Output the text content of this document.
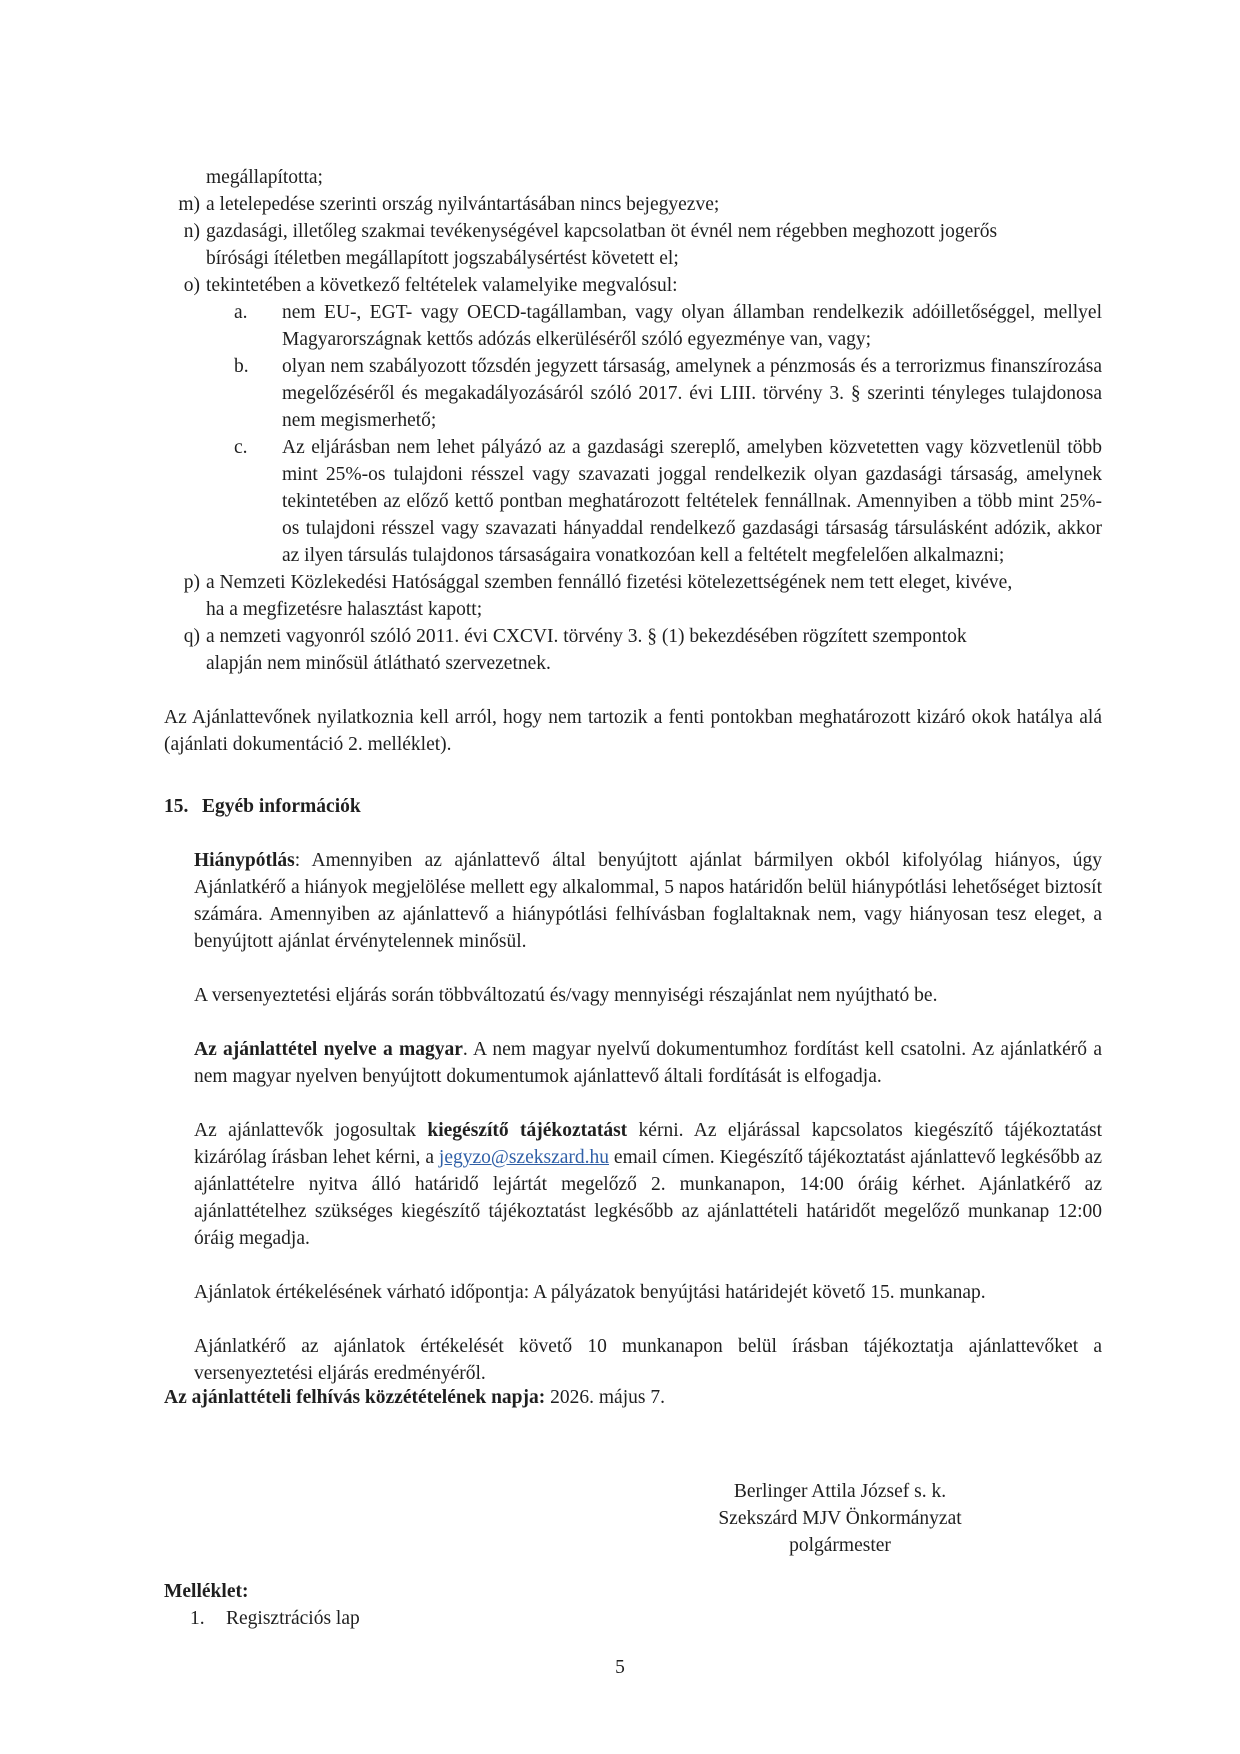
megállapította;
m) a letelepedése szerinti ország nyilvántartásában nincs bejegyezve;
n) gazdasági, illetőleg szakmai tevékenységével kapcsolatban öt évnél nem régebben meghozott jogerős
bírósági ítéletben megállapított jogszabálysértést követett el;
o) tekintetében a következő feltételek valamelyike megvalósul:
a.	nem EU-, EGT- vagy OECD-tagállamban, vagy olyan államban rendelkezik adóilletőséggel, mellyel Magyarországnak kettős adózás elkerüléséről szóló egyezménye van, vagy;
b.	olyan nem szabályozott tőzsdén jegyzett társaság, amelynek a pénzmosás és a terrorizmus finanszírozása megelőzéséről és megakadályozásáról szóló 2017. évi LIII. törvény 3. § szerinti tényleges tulajdonosa nem megismerhető;
c.	Az eljárásban nem lehet pályázó az a gazdasági szereplő, amelyben közvetetten vagy közvetlenül több mint 25%-os tulajdoni résszel vagy szavazati joggal rendelkezik olyan gazdasági társaság, amelynek tekintetében az előző kettő pontban meghatározott feltételek fennállnak. Amennyiben a több mint 25%-os tulajdoni résszel vagy szavazati hányaddal rendelkező gazdasági társaság társulásként adózik, akkor az ilyen társulás tulajdonos társaságaira vonatkozóan kell a feltételt megfelelően alkalmazni;
p) a Nemzeti Közlekedési Hatósággal szemben fennálló fizetési kötelezettségének nem tett eleget, kivéve,
ha a megfizetésre halasztást kapott;
q) a nemzeti vagyonról szóló 2011. évi CXCVI. törvény 3. § (1) bekezdésében rögzített szempontok
alapján nem minősül átlátható szervezetnek.

Az Ajánlattevőnek nyilatkoznia kell arról, hogy nem tartozik a fenti pontokban meghatározott kizáró okok hatálya alá (ajánlati dokumentáció 2. melléklet).

15. Egyéb információk

Hiánypótlás: Amennyiben az ajánlattevő által benyújtott ajánlat bármilyen okból kifolyólag hiányos, úgy Ajánlatkérő a hiányok megjelölése mellett egy alkalommal, 5 napos határidőn belül hiánypótlási lehetőséget biztosít számára. Amennyiben az ajánlattevő a hiánypótlási felhívásban foglaltaknak nem, vagy hiányosan tesz eleget, a benyújtott ajánlat érvénytelennek minősül.

A versenyeztetési eljárás során többváltozatú és/vagy mennyiségi részajánlat nem nyújtható be.

Az ajánlattétel nyelve a magyar. A nem magyar nyelvű dokumentumhoz fordítást kell csatolni. Az ajánlatkérő a nem magyar nyelven benyújtott dokumentumok ajánlattevő általi fordítását is elfogadja.

Az ajánlattevők jogosultak kiegészítő tájékoztatást kérni. Az eljárással kapcsolatos kiegészítő tájékoztatást kizárólag írásban lehet kérni, a jegyzo@szekszard.hu email címen. Kiegészítő tájékoztatást ajánlattevő legkésőbb az ajánlattételre nyitva álló határidő lejártát megelőző 2. munkanapon, 14:00 óráig kérhet. Ajánlatkérő az ajánlattételhez szükséges kiegészítő tájékoztatást legkésőbb az ajánlattételi határidőt megelőző munkanap 12:00 óráig megadja.

Ajánlatok értékelésének várható időpontja: A pályázatok benyújtási határidejét követő 15. munkanap.

Ajánlatkérő az ajánlatok értékelését követő 10 munkanapon belül írásban tájékoztatja ajánlattevőket a versenyeztetési eljárás eredményéről.

Az ajánlattételi felhívás közzétételének napja: 2026. május 7.
Berlinger Attila József s. k.
Szekszárd MJV Önkormányzat
polgármester
Melléklet:
1.	Regisztrációs lap
5
